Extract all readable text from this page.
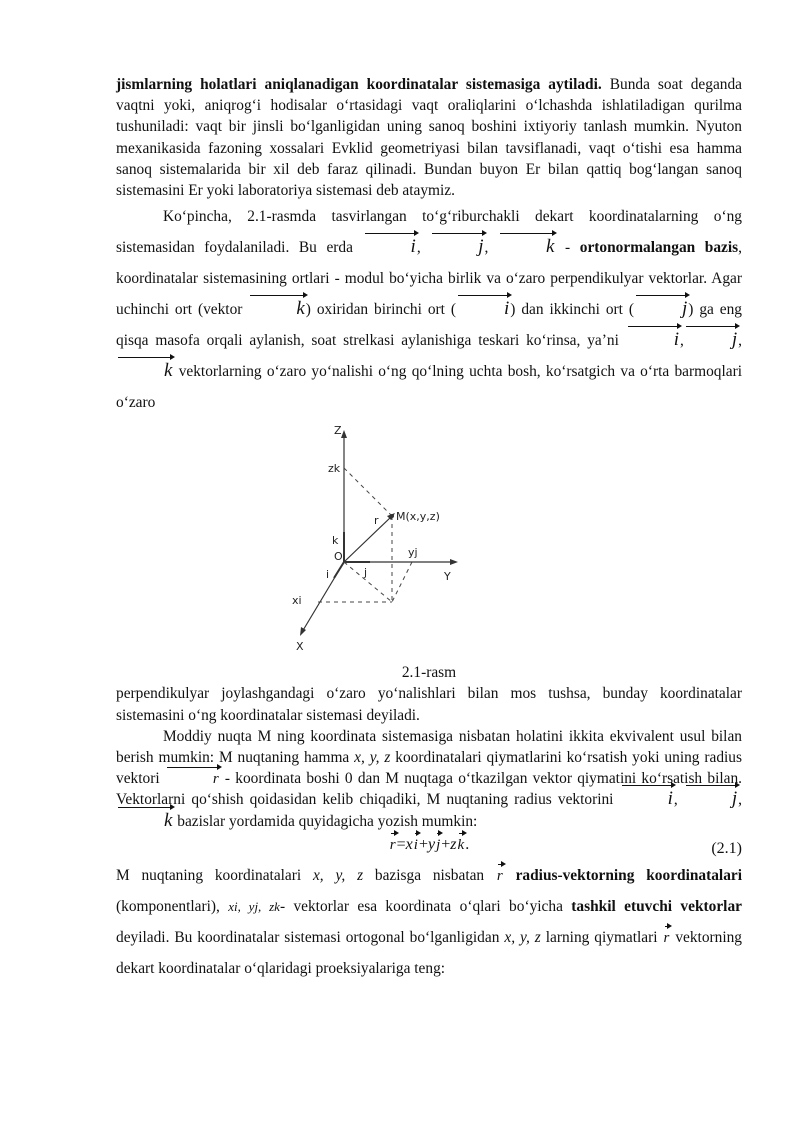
jismlarning holatlari aniqlanadigan koordinatalar sistemasiga aytiladi. Bunda soat deganda vaqtni yoki, aniqrog‘i hodisalar o‘rtasidagi vaqt oraliqlarini o‘lchashda ishlatiladigan qurilma tushuniladi: vaqt bir jinsli bo‘lganligidan uning sanoq boshini ixtiyoriy tanlash mumkin. Nyuton mexanikasida fazoning xossalari Evklid geometriyasi bilan tavsiflanadi, vaqt o‘tishi esa hamma sanoq sistemalarida bir xil deb faraz qilinadi. Bundan buyon Er bilan qattiq bog‘langan sanoq sistemasini Er yoki laboratoriya sistemasi deb ataymiz.

Ko‘pincha, 2.1-rasmda tasvirlangan to‘g‘riburchakli dekart koordinatalarning o‘ng sistemasidan foydalaniladi. Bu erda	i,	j,	k - ortonormalangan bazis, koordinatalar sistemasining ortlari - modul bo‘yicha birlik va o‘zaro perpendikulyar vektorlar. Agar uchinchi ort (vektor	k) oxiridan birinchi ort (	i) dan ikkinchi ort (	j) ga eng qisqa masofa orqali aylanish, soat strelkasi aylanishiga teskari ko‘rinsa, ya’ni	i,	j, k vektorlarning o‘zaro yo‘nalishi o‘ng qo‘lning uchta bosh, ko‘rsatgich va o‘rta barmoqlari o‘zaro

Z
zk
r M(x,y,z)
k
O	yj
i	j	Y
xi
X

2.1-rasm

perpendikulyar joylashgandagi o‘zaro yo‘nalishlari bilan mos tushsa, bunday koordinatalar sistemasini o‘ng koordinatalar sistemasi deyiladi.

Moddiy nuqta M ning koordinata sistemasiga nisbatan holatini ikkita ekvivalent usul bilan berish mumkin: M nuqtaning hamma x, y, z koordinatalari qiymatlarini ko‘rsatish yoki uning radius vektori	r - koordinata boshi 0 dan M nuqtaga o‘tkazilgan vektor qiymatini ko‘rsatish bilan. Vektorlarni qo‘shish qoidasidan kelib chiqadiki, M nuqtaning radius vektorini	i,	j, k bazislar yordamida quyidagicha yozish mumkin:

r=xi+yj+zk.	(2.1)

M nuqtaning koordinatalari x, y, z bazisga nisbatan r radius-vektorning koordinatalari (komponentlari), xi, yj, zk- vektorlar esa koordinata o‘qlari bo‘yicha tashkil etuvchi vektorlar deyiladi. Bu koordinatalar sistemasi ortogonal bo‘lganligidan x, y, z larning qiymatlari r vektorning dekart koordinatalar o‘qlaridagi proeksiyalariga teng:
